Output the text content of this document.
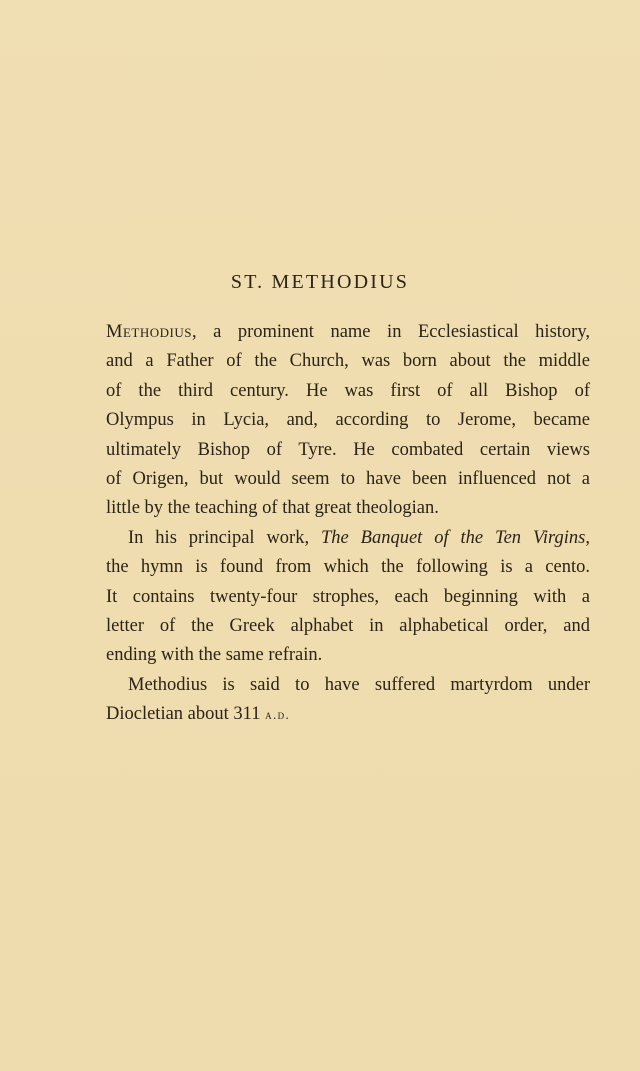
ST. METHODIUS
Methodius, a prominent name in Ecclesiastical history,
and a Father of the Church, was born about the middle
of the third century. He was first of all Bishop of
Olympus in Lycia, and, according to Jerome, became
ultimately Bishop of Tyre. He combated certain views
of Origen, but would seem to have been influenced not a
little by the teaching of that great theologian.
In his principal work, The Banquet of the Ten Virgins,
the hymn is found from which the following is a cento.
It contains twenty-four strophes, each beginning with a
letter of the Greek alphabet in alphabetical order, and
ending with the same refrain.
Methodius is said to have suffered martyrdom under
Diocletian about 311 a.d.
